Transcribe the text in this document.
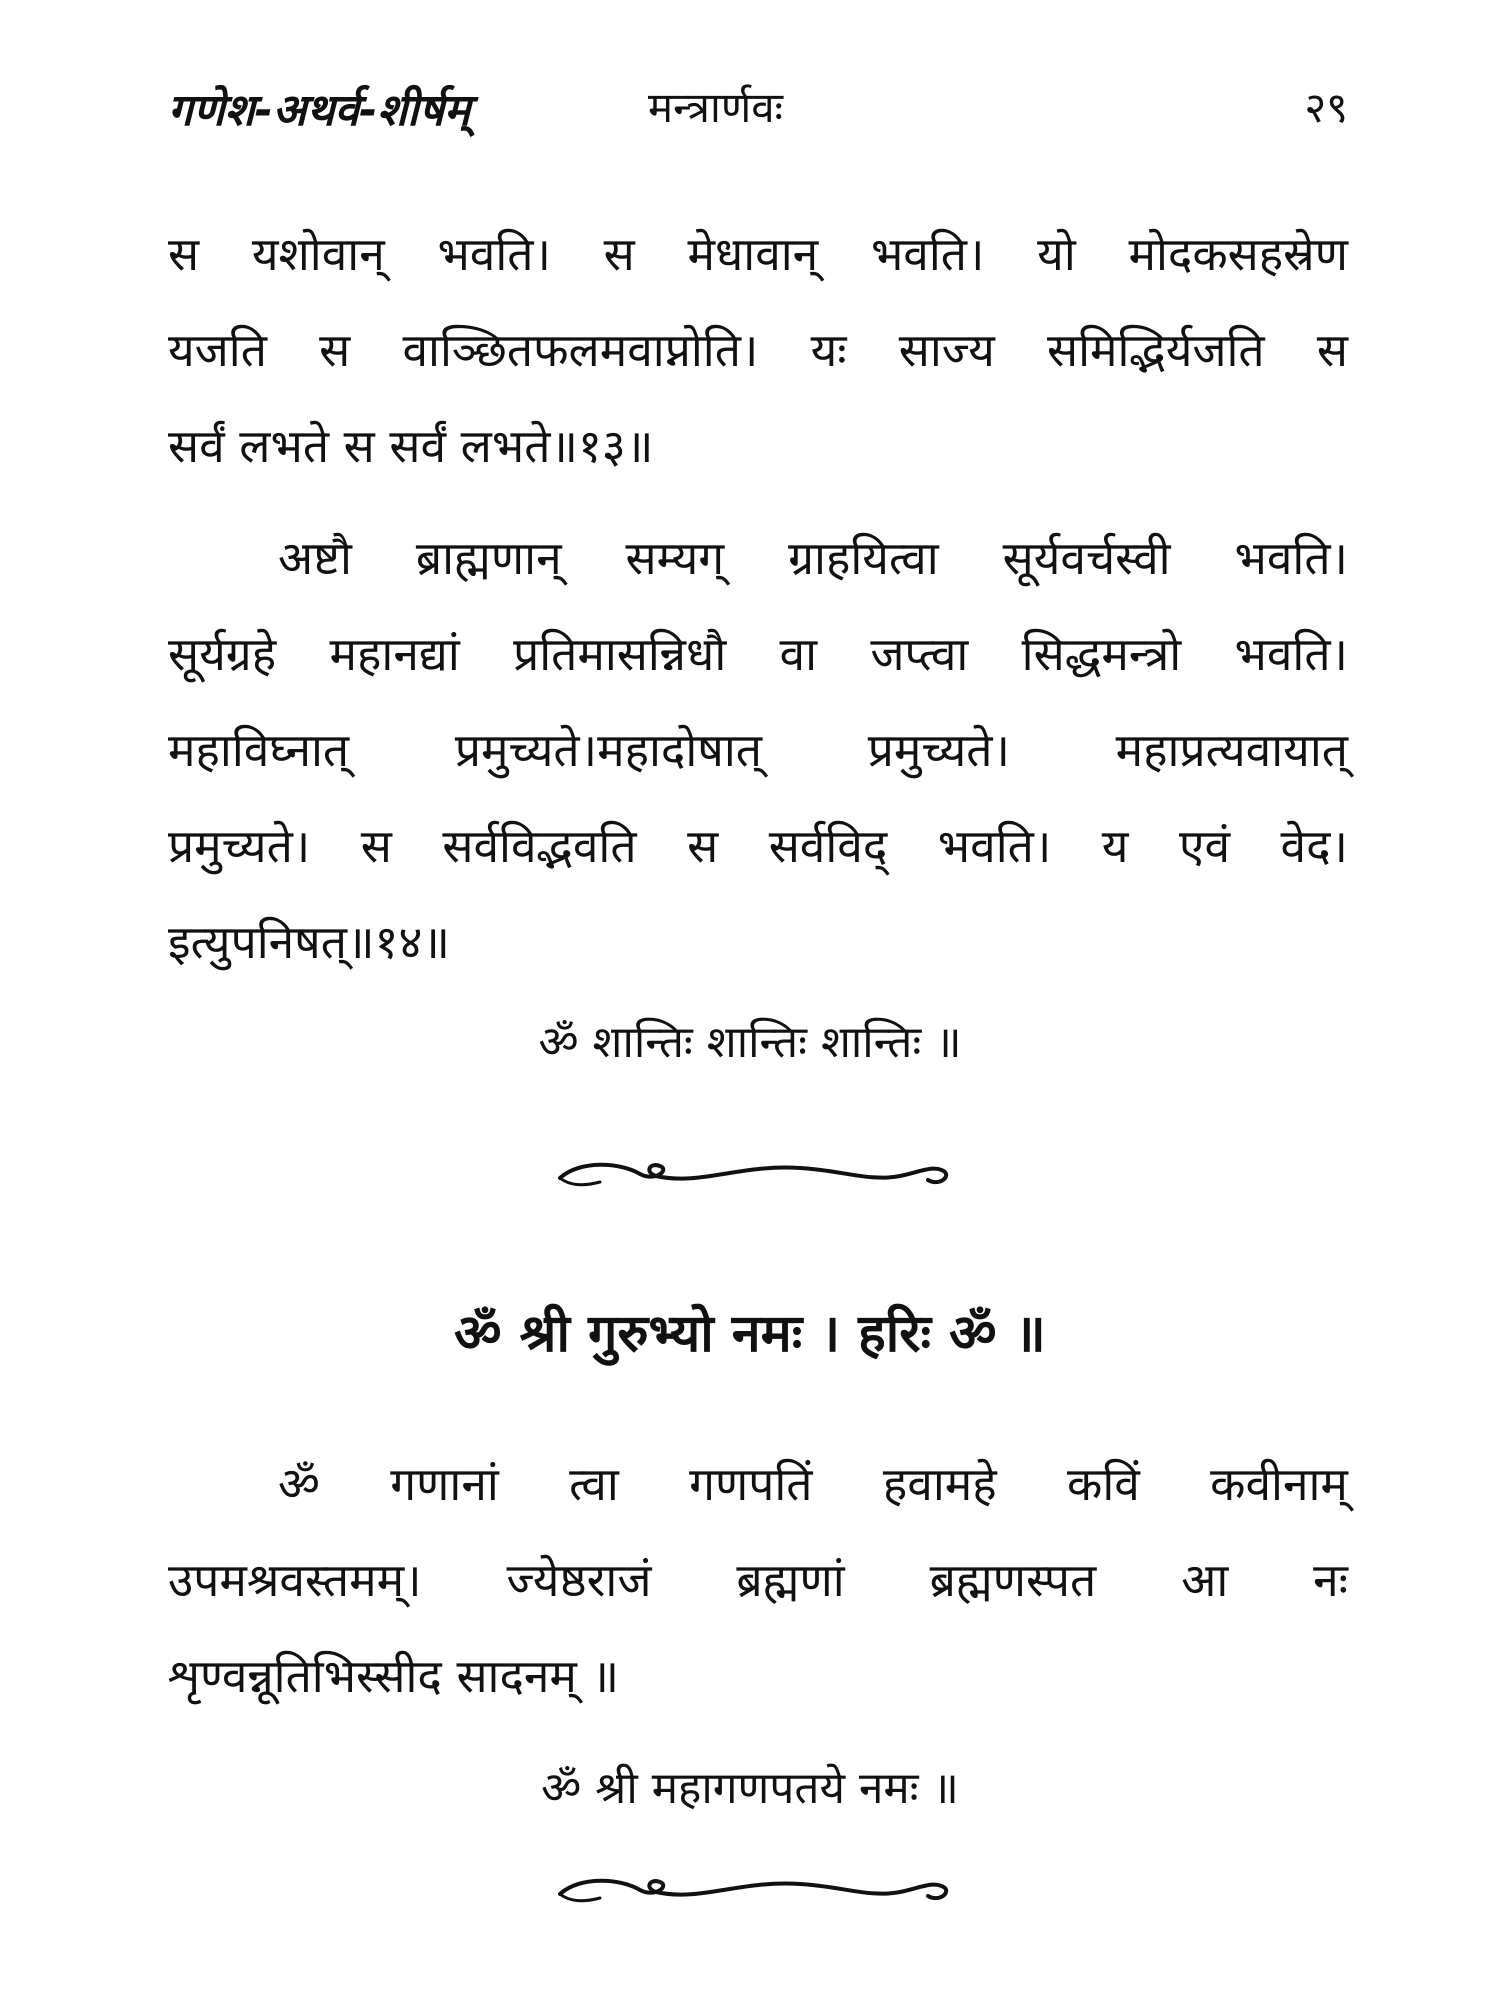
गणेश-अथर्व-शीर्षम्	मन्त्रार्णवः	२९
स यशोवान् भवति। स मेधावान् भवति। यो मोदकसहस्रेण
यजति स वाञ्छितफलमवाप्नोति। यः साज्य समिद्भिर्यजति स
सर्वं लभते स सर्वं लभते॥१३॥
अष्टौ ब्राह्मणान् सम्यग् ग्राहयित्वा सूर्यवर्चस्वी भवति।
सूर्यग्रहे महानद्यां प्रतिमासन्निधौ वा जप्त्वा सिद्धमन्त्रो भवति।
महाविघ्नात् प्रमुच्यते।महादोषात् प्रमुच्यते। महाप्रत्यवायात्
प्रमुच्यते। स सर्वविद्भवति स सर्वविद् भवति। य एवं वेद।
इत्युपनिषत्॥१४॥
ॐ शान्तिः शान्तिः शान्तिः ॥
ॐ श्री गुरुभ्यो नमः । हरिः ॐ ॥
ॐ गणानां त्वा गणपतिं हवामहे कविं कवीनाम्
उपमश्रवस्तमम्। ज्येष्ठराजं ब्रह्मणां ब्रह्मणस्पत आ नः
शृण्वन्नूतिभिस्सीद सादनम् ॥
ॐ श्री महागणपतये नमः ॥
